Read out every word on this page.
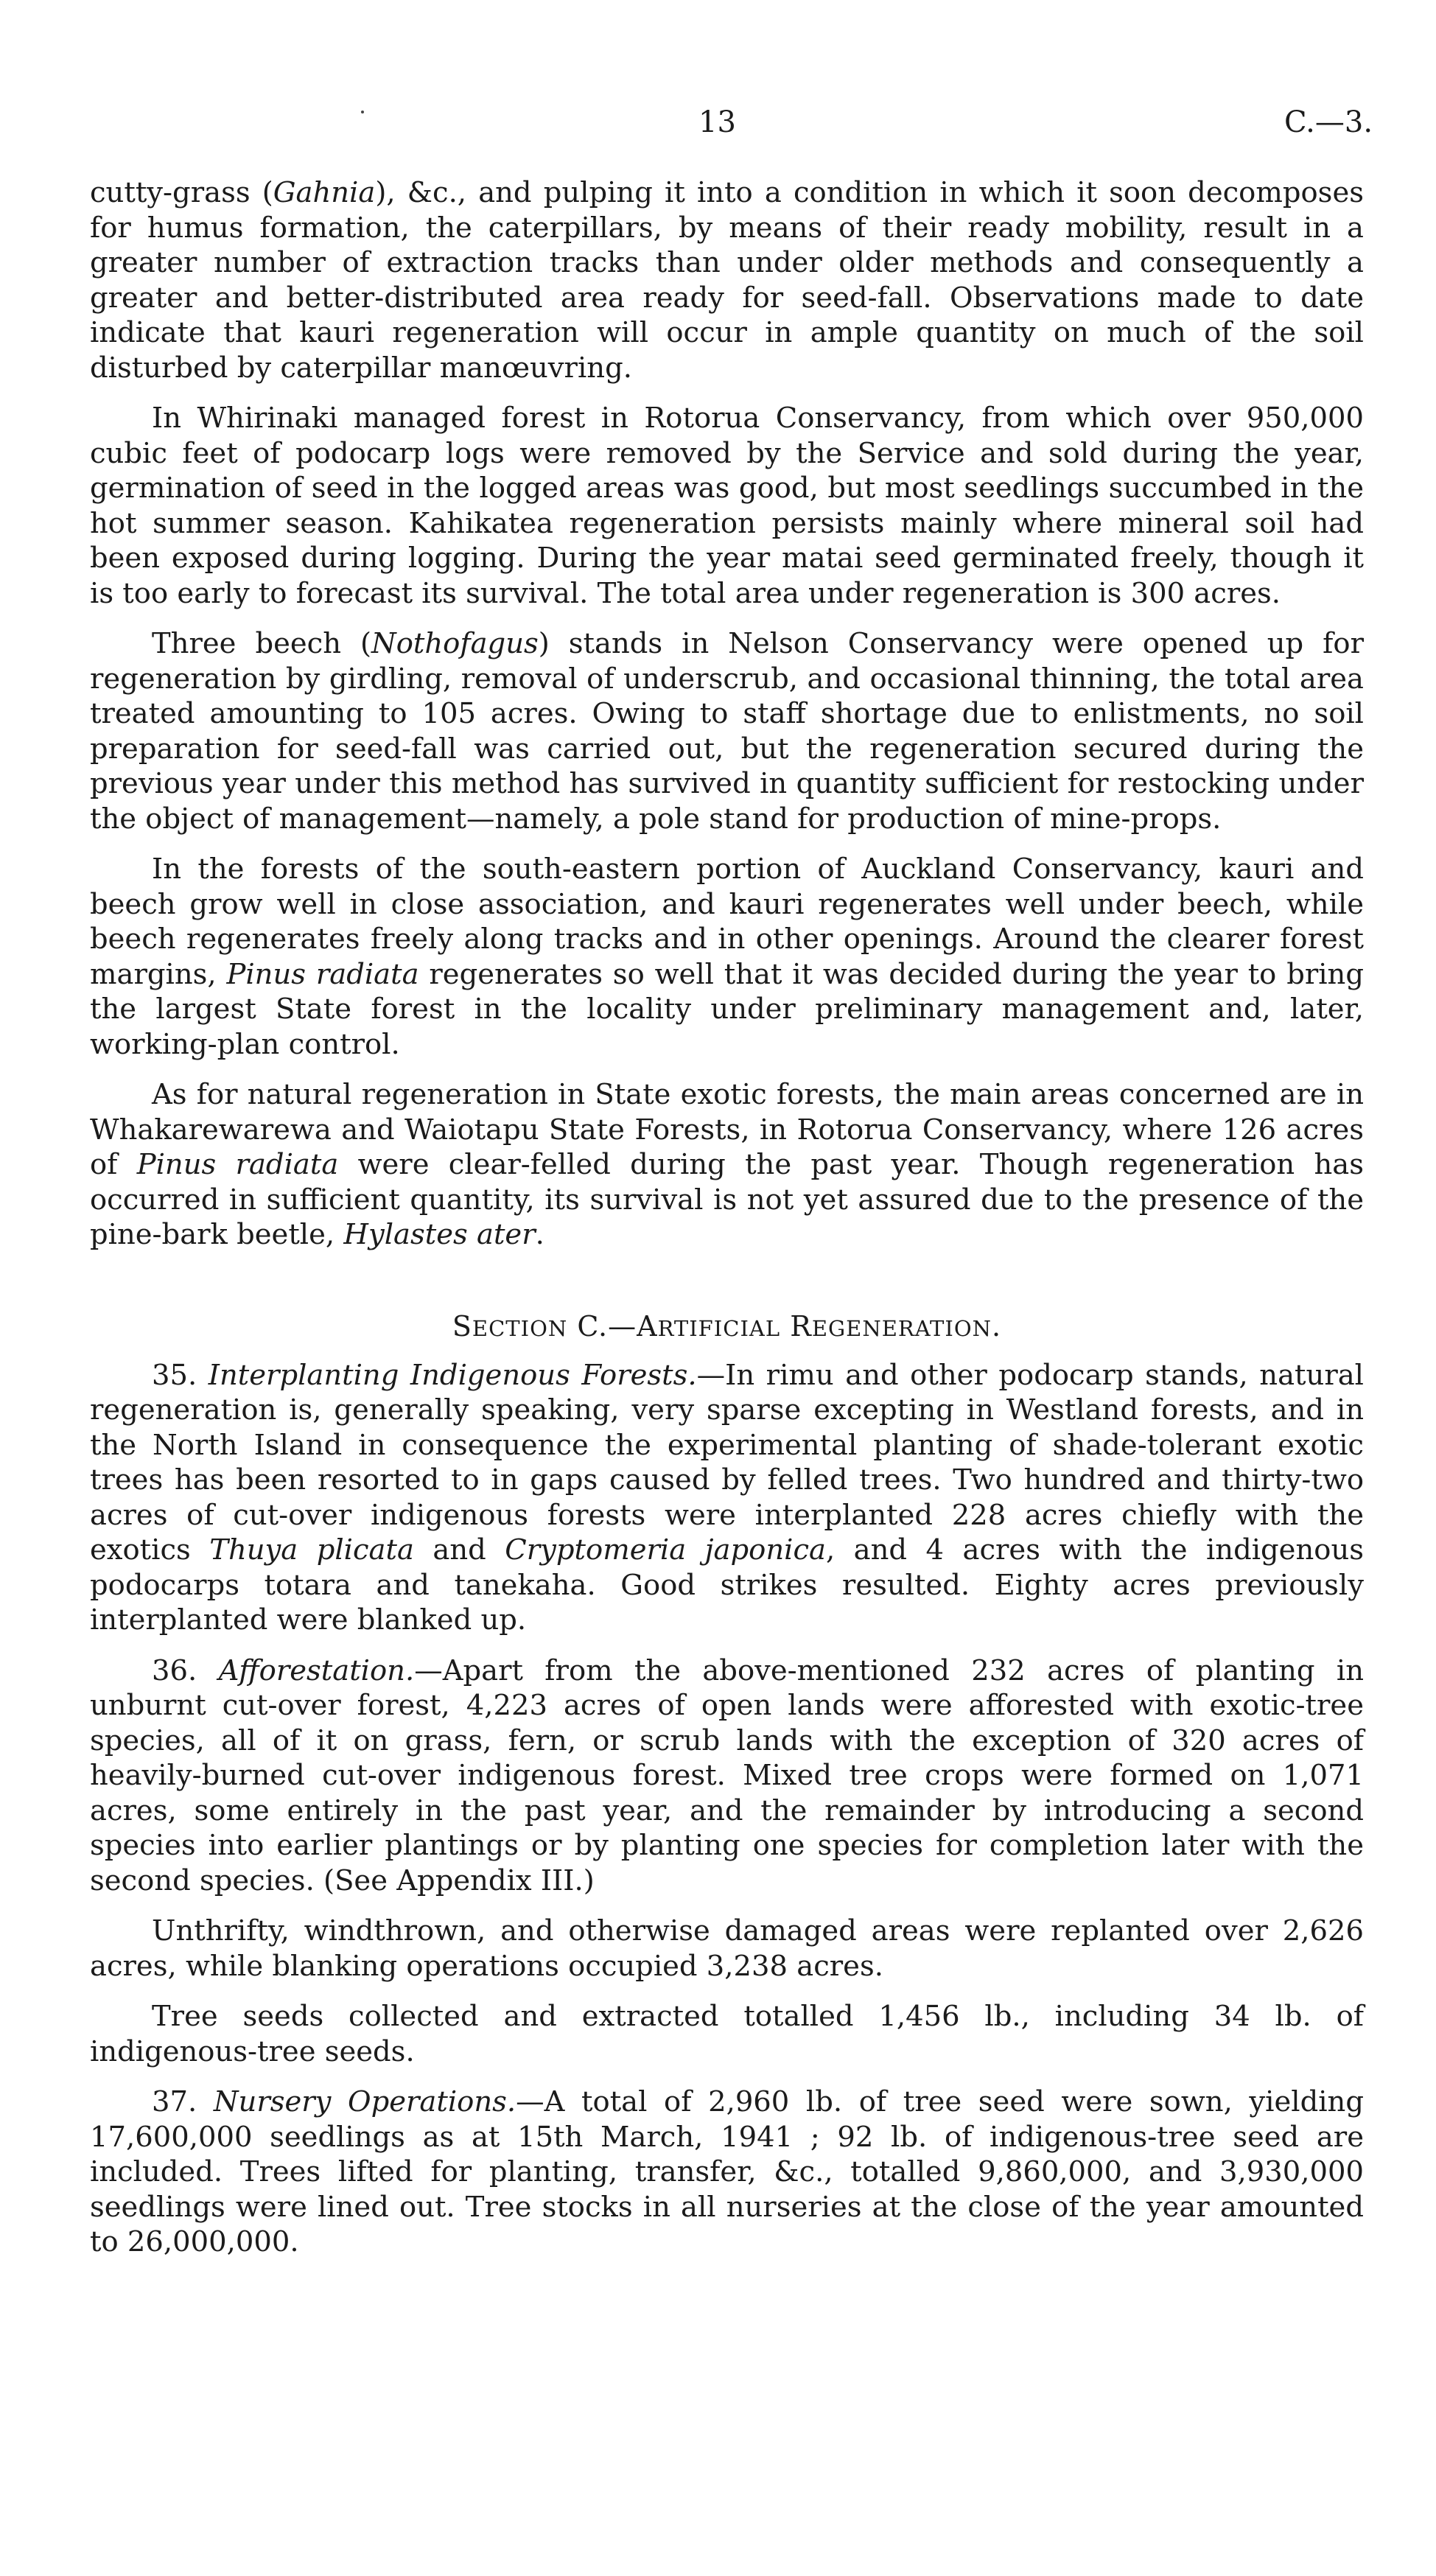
13	C.—3.

cutty-grass (Gahnia), &c., and pulping it into a condition in which it soon decomposes for humus formation, the caterpillars, by means of their ready mobility, result in a greater number of extraction tracks than under older methods and consequently a greater and better-distributed area ready for seed-fall. Observations made to date indicate that kauri regeneration will occur in ample quantity on much of the soil disturbed by caterpillar manœuvring.

In Whirinaki managed forest in Rotorua Conservancy, from which over 950,000 cubic feet of podocarp logs were removed by the Service and sold during the year, germination of seed in the logged areas was good, but most seedlings succumbed in the hot summer season. Kahikatea regeneration persists mainly where mineral soil had been exposed during logging. During the year matai seed germinated freely, though it is too early to forecast its survival. The total area under regeneration is 300 acres.

Three beech (Nothofagus) stands in Nelson Conservancy were opened up for regeneration by girdling, removal of underscrub, and occasional thinning, the total area treated amounting to 105 acres. Owing to staff shortage due to enlistments, no soil preparation for seed-fall was carried out, but the regeneration secured during the previous year under this method has survived in quantity sufficient for restocking under the object of management—namely, a pole stand for production of mine-props.

In the forests of the south-eastern portion of Auckland Conservancy, kauri and beech grow well in close association, and kauri regenerates well under beech, while beech regenerates freely along tracks and in other openings. Around the clearer forest margins, Pinus radiata regenerates so well that it was decided during the year to bring the largest State forest in the locality under preliminary management and, later, working-plan control.

As for natural regeneration in State exotic forests, the main areas concerned are in Whakarewarewa and Waiotapu State Forests, in Rotorua Conservancy, where 126 acres of Pinus radiata were clear-felled during the past year. Though regeneration has occurred in sufficient quantity, its survival is not yet assured due to the presence of the pine-bark beetle, Hylastes ater.

SECTION C.—ARTIFICIAL REGENERATION.

35. Interplanting Indigenous Forests.—In rimu and other podocarp stands, natural regeneration is, generally speaking, very sparse excepting in Westland forests, and in the North Island in consequence the experimental planting of shade-tolerant exotic trees has been resorted to in gaps caused by felled trees. Two hundred and thirty-two acres of cut-over indigenous forests were interplanted 228 acres chiefly with the exotics Thuya plicata and Cryptomeria japonica, and 4 acres with the indigenous podocarps totara and tanekaha. Good strikes resulted. Eighty acres previously interplanted were blanked up.

36. Afforestation.—Apart from the above-mentioned 232 acres of planting in unburnt cut-over forest, 4,223 acres of open lands were afforested with exotic-tree species, all of it on grass, fern, or scrub lands with the exception of 320 acres of heavily-burned cut-over indigenous forest. Mixed tree crops were formed on 1,071 acres, some entirely in the past year, and the remainder by introducing a second species into earlier plantings or by planting one species for completion later with the second species. (See Appendix III.)

Unthrifty, windthrown, and otherwise damaged areas were replanted over 2,626 acres, while blanking operations occupied 3,238 acres.

Tree seeds collected and extracted totalled 1,456 lb., including 34 lb. of indigenous-tree seeds.

37. Nursery Operations.—A total of 2,960 lb. of tree seed were sown, yielding 17,600,000 seedlings as at 15th March, 1941 ; 92 lb. of indigenous-tree seed are included. Trees lifted for planting, transfer, &c., totalled 9,860,000, and 3,930,000 seedlings were lined out. Tree stocks in all nurseries at the close of the year amounted to 26,000,000.
